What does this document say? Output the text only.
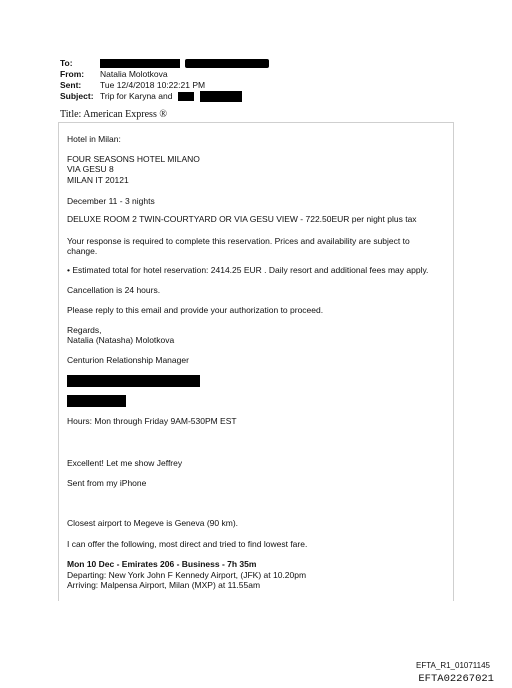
To:
From:	Natalia Molotkova
Sent:	Tue 12/4/2018 10:22:21 PM
Subject: Trip for Karyna and
Title: American Express ®
Hotel in Milan:
FOUR SEASONS HOTEL MILANO
VIA GESU 8
MILAN IT 20121
December 11 - 3 nights
DELUXE ROOM 2 TWIN-COURTYARD OR VIA GESU VIEW - 722.50EUR per night plus tax
Your response is required to complete this reservation. Prices and availability are subject to
change.
• Estimated total for hotel reservation: 2414.25 EUR . Daily resort and additional fees may apply.
Cancellation is 24 hours.
Please reply to this email and provide your authorization to proceed.
Regards,
Natalia (Natasha) Molotkova
Centurion Relationship Manager
Hours: Mon through Friday 9AM-530PM EST
Excellent! Let me show Jeffrey
Sent from my iPhone
Closest airport to Megeve is Geneva (90 km).
I can offer the following, most direct and tried to find lowest fare.
Mon 10 Dec - Emirates 206 - Business - 7h 35m
Departing: New York John F Kennedy Airport, (JFK) at 10.20pm
Arriving: Malpensa Airport, Milan (MXP) at 11.55am
EFTA_R1_01071145
EFTA02267021
